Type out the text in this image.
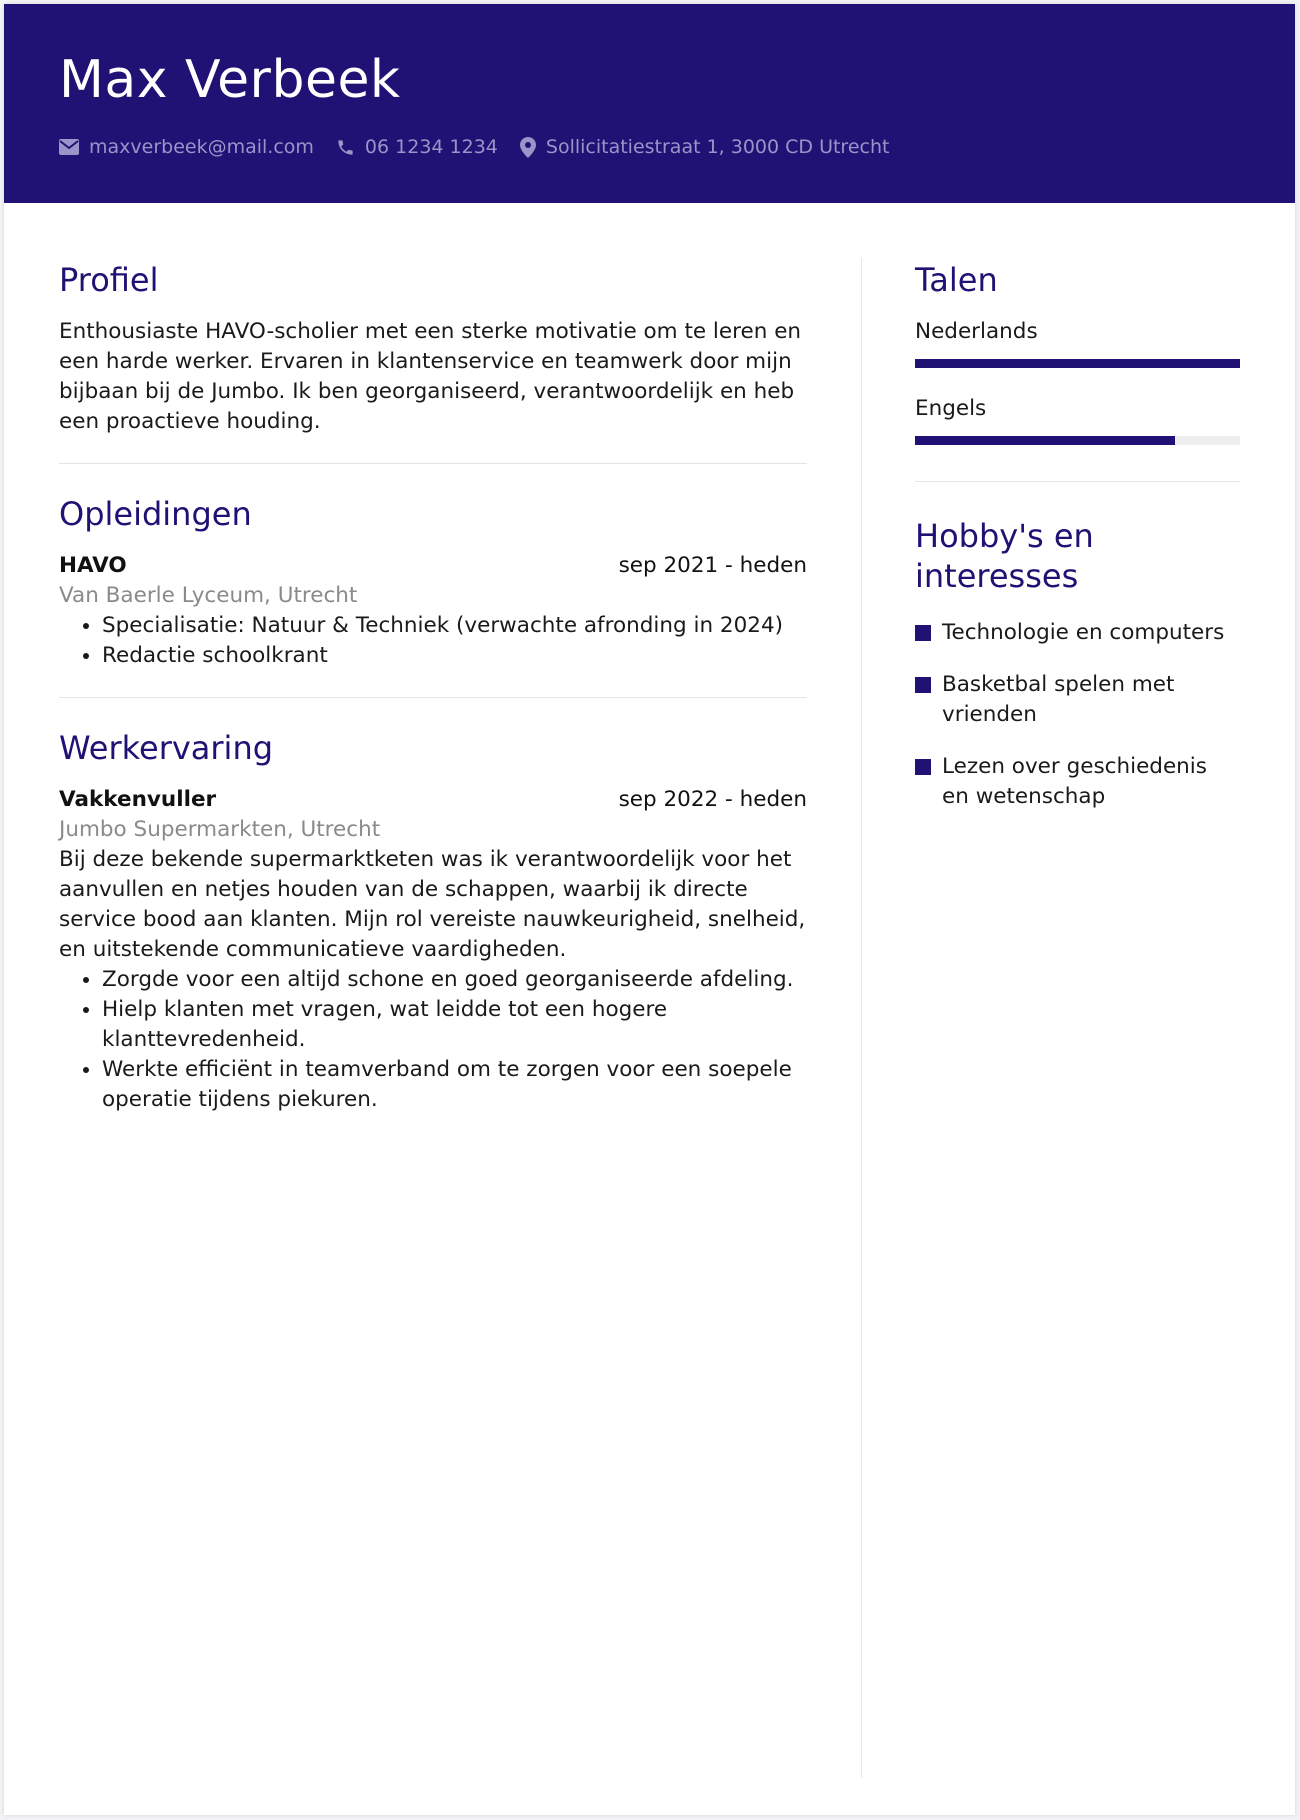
Max Verbeek
maxverbeek@mail.com	06 1234 1234	Sollicitatiestraat 1, 3000 CD Utrecht
Profiel

Enthousiaste HAVO-scholier met een sterke motivatie om te leren en een harde werker. Ervaren in klantenservice en teamwerk door mijn bijbaan bij de Jumbo. Ik ben georganiseerd, verantwoordelijk en heb een proactieve houding.

Opleidingen
HAVO	sep 2021 - heden
Van Baerle Lyceum, Utrecht
• Specialisatie: Natuur & Techniek (verwachte afronding in 2024)
• Redactie schoolkrant
Werkervaring
Vakkenvuller	sep 2022 - heden
Jumbo Supermarkten, Utrecht

Bij deze bekende supermarktketen was ik verantwoordelijk voor het aanvullen en netjes houden van de schappen, waarbij ik directe service bood aan klanten. Mijn rol vereiste nauwkeurigheid, snelheid, en uitstekende communicatieve vaardigheden.

• Zorgde voor een altijd schone en goed georganiseerde afdeling.
• Hielp klanten met vragen, wat leidde tot een hogere klanttevredenheid.
• Werkte efficiënt in teamverband om te zorgen voor een soepele operatie tijdens piekuren.
Talen
Nederlands
Engels
Hobby's en interesses
Technologie en computers
Basketbal spelen met vrienden
Lezen over geschiedenis en wetenschap
